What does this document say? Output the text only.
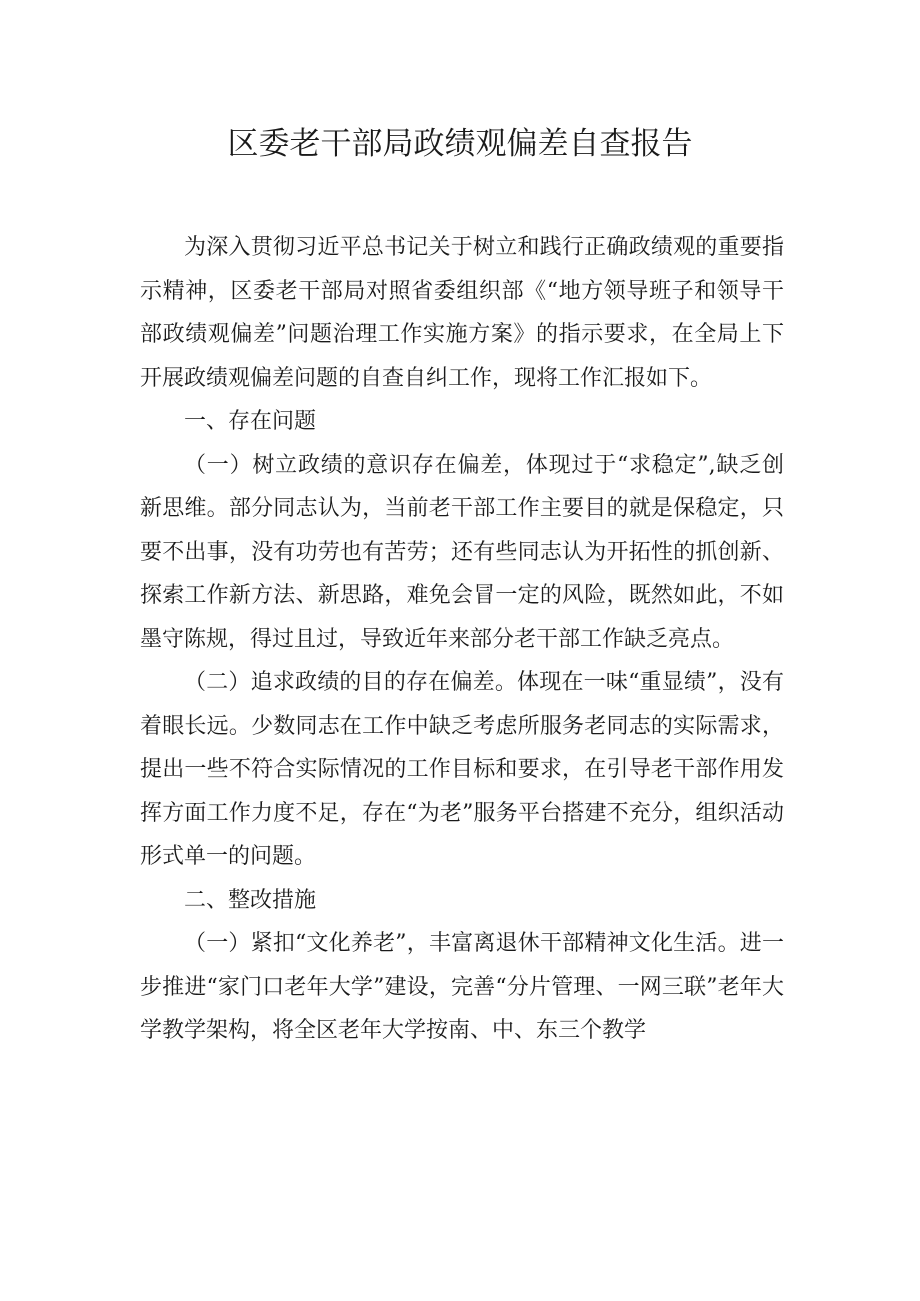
区委老干部局政绩观偏差自查报告

为深入贯彻习近平总书记关于树立和践行正确政绩观的重要指示精神，区委老干部局对照省委组织部《“地方领导班子和领导干部政绩观偏差”问题治理工作实施方案》的指示要求，在全局上下开展政绩观偏差问题的自查自纠工作，现将工作汇报如下。

一、存在问题

（一）树立政绩的意识存在偏差，体现过于“求稳定”,缺乏创新思维。部分同志认为，当前老干部工作主要目的就是保稳定，只要不出事，没有功劳也有苦劳；还有些同志认为开拓性的抓创新、探索工作新方法、新思路，难免会冒一定的风险，既然如此，不如墨守陈规，得过且过，导致近年来部分老干部工作缺乏亮点。

（二）追求政绩的目的存在偏差。体现在一味“重显绩”，没有着眼长远。少数同志在工作中缺乏考虑所服务老同志的实际需求，提出一些不符合实际情况的工作目标和要求，在引导老干部作用发挥方面工作力度不足，存在“为老”服务平台搭建不充分，组织活动形式单一的问题。

二、整改措施

（一）紧扣“文化养老”，丰富离退休干部精神文化生活。进一步推进“家门口老年大学”建设，完善“分片管理、一网三联”老年大学教学架构，将全区老年大学按南、中、东三个教学
